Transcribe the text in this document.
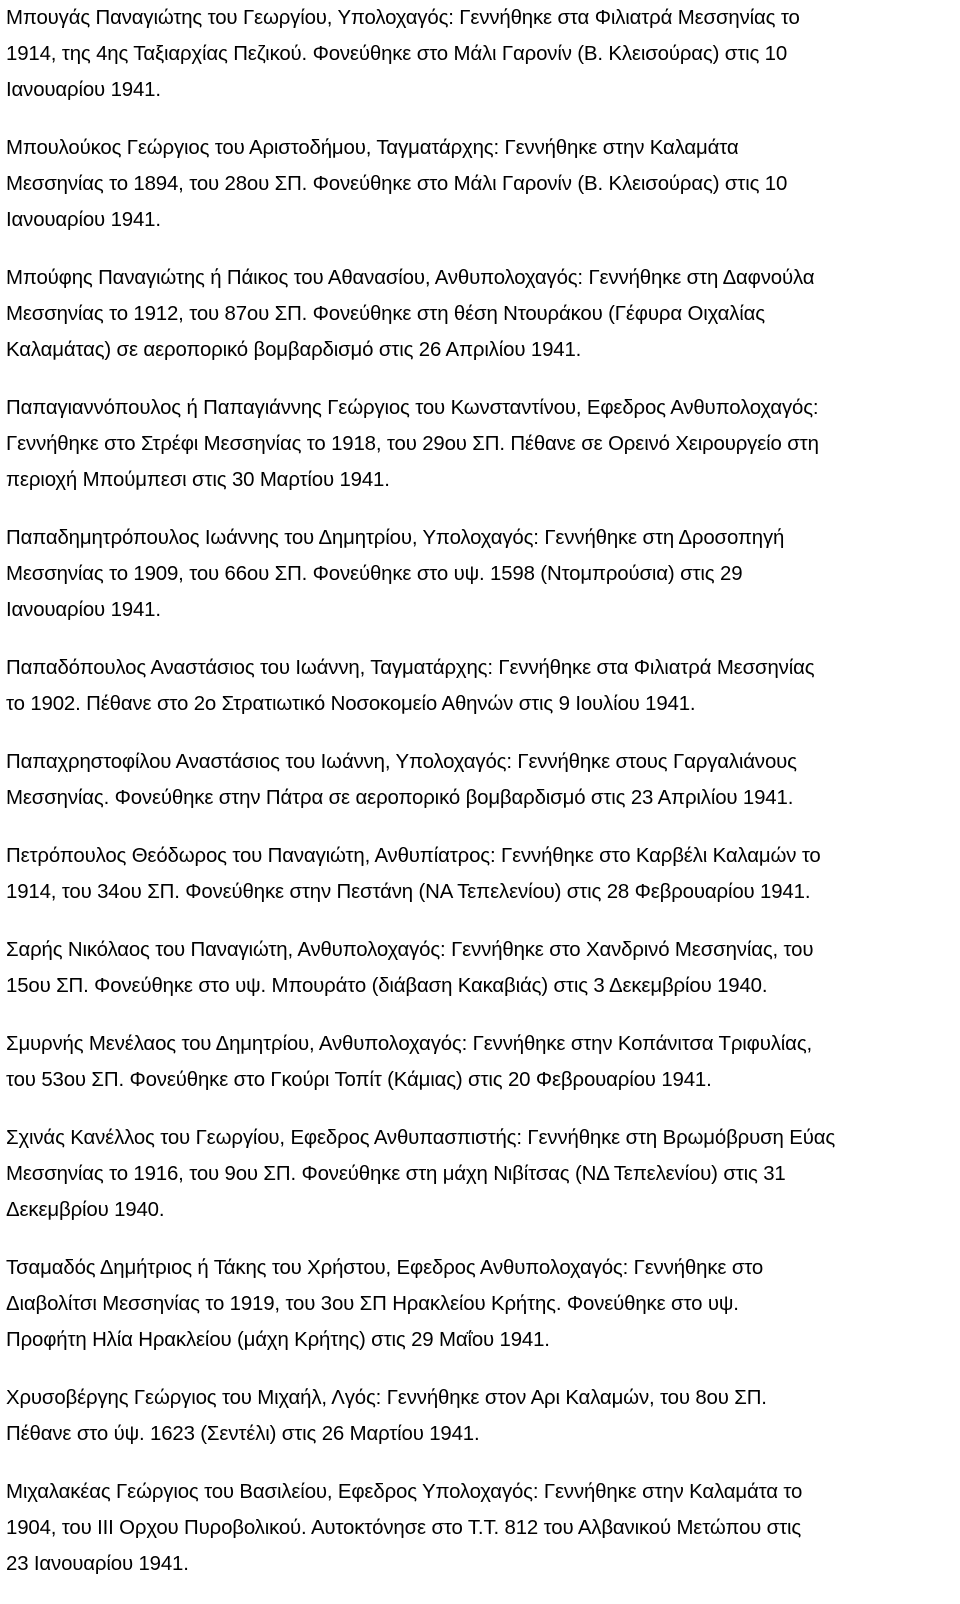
Μπουγάς Παναγιώτης του Γεωργίου, Υπολοχαγός: Γεννήθηκε στα Φιλιατρά Μεσσηνίας το
1914, της 4ης Ταξιαρχίας Πεζικού. Φονεύθηκε στο Μάλι Γαρονίν (Β. Κλεισούρας) στις 10
Ιανουαρίου 1941.
Μπουλούκος Γεώργιος του Αριστοδήμου, Ταγματάρχης: Γεννήθηκε στην Καλαμάτα
Μεσσηνίας το 1894, του 28ου ΣΠ. Φονεύθηκε στο Μάλι Γαρονίν (Β. Κλεισούρας) στις 10
Ιανουαρίου 1941.
Μπούφης Παναγιώτης ή Πάικος του Αθανασίου, Ανθυπολοχαγός: Γεννήθηκε στη Δαφνούλα
Μεσσηνίας το 1912, του 87ου ΣΠ. Φονεύθηκε στη θέση Ντουράκου (Γέφυρα Οιχαλίας
Καλαμάτας) σε αεροπορικό βομβαρδισμό στις 26 Απριλίου 1941.
Παπαγιαννόπουλος ή Παπαγιάννης Γεώργιος του Κωνσταντίνου, Εφεδρος Ανθυπολοχαγός:
Γεννήθηκε στο Στρέφι Μεσσηνίας το 1918, του 29ου ΣΠ. Πέθανε σε Ορεινό Χειρουργείο στη
περιοχή Μπούμπεσι στις 30 Μαρτίου 1941.
Παπαδημητρόπουλος Ιωάννης του Δημητρίου, Υπολοχαγός: Γεννήθηκε στη Δροσοπηγή
Μεσσηνίας το 1909, του 66ου ΣΠ. Φονεύθηκε στο υψ. 1598 (Ντομπρούσια) στις 29
Ιανουαρίου 1941.
Παπαδόπουλος Αναστάσιος του Ιωάννη, Ταγματάρχης: Γεννήθηκε στα Φιλιατρά Μεσσηνίας
το 1902. Πέθανε στο 2ο Στρατιωτικό Νοσοκομείο Αθηνών στις 9 Ιουλίου 1941.
Παπαχρηστοφίλου Αναστάσιος του Ιωάννη, Υπολοχαγός: Γεννήθηκε στους Γαργαλιάνους
Μεσσηνίας. Φονεύθηκε στην Πάτρα σε αεροπορικό βομβαρδισμό στις 23 Απριλίου 1941.
Πετρόπουλος Θεόδωρος του Παναγιώτη, Ανθυπίατρος: Γεννήθηκε στο Καρβέλι Καλαμών το
1914, του 34ου ΣΠ. Φονεύθηκε στην Πεστάνη (ΝΑ Τεπελενίου) στις 28 Φεβρουαρίου 1941.
Σαρής Νικόλαος του Παναγιώτη, Ανθυπολοχαγός: Γεννήθηκε στο Χανδρινό Μεσσηνίας, του
15ου ΣΠ. Φονεύθηκε στο υψ. Μπουράτο (διάβαση Κακαβιάς) στις 3 Δεκεμβρίου 1940.
Σμυρνής Μενέλαος του Δημητρίου, Ανθυπολοχαγός: Γεννήθηκε στην Κοπάνιτσα Τριφυλίας,
του 53ου ΣΠ. Φονεύθηκε στο Γκούρι Τοπίτ (Κάμιας) στις 20 Φεβρουαρίου 1941.
Σχινάς Κανέλλος του Γεωργίου, Εφεδρος Ανθυπασπιστής: Γεννήθηκε στη Βρωμόβρυση Εύας
Μεσσηνίας το 1916, του 9ου ΣΠ. Φονεύθηκε στη μάχη Νιβίτσας (ΝΔ Τεπελενίου) στις 31
Δεκεμβρίου 1940.
Τσαμαδός Δημήτριος ή Τάκης του Χρήστου, Εφεδρος Ανθυπολοχαγός: Γεννήθηκε στο
Διαβολίτσι Μεσσηνίας το 1919, του 3ου ΣΠ Ηρακλείου Κρήτης. Φονεύθηκε στο υψ.
Προφήτη Ηλία Ηρακλείου (μάχη Κρήτης) στις 29 Μαΐου 1941.
Χρυσοβέργης Γεώργιος του Μιχαήλ, Λγός: Γεννήθηκε στον Αρι Καλαμών, του 8ου ΣΠ.
Πέθανε στο ύψ. 1623 (Σεντέλι) στις 26 Μαρτίου 1941.
Μιχαλακέας Γεώργιος του Βασιλείου, Εφεδρος Υπολοχαγός: Γεννήθηκε στην Καλαμάτα το
1904, του ΙΙΙ Ορχου Πυροβολικού. Αυτοκτόνησε στο Τ.Τ. 812 του Αλβανικού Μετώπου στις
23 Ιανουαρίου 1941.
